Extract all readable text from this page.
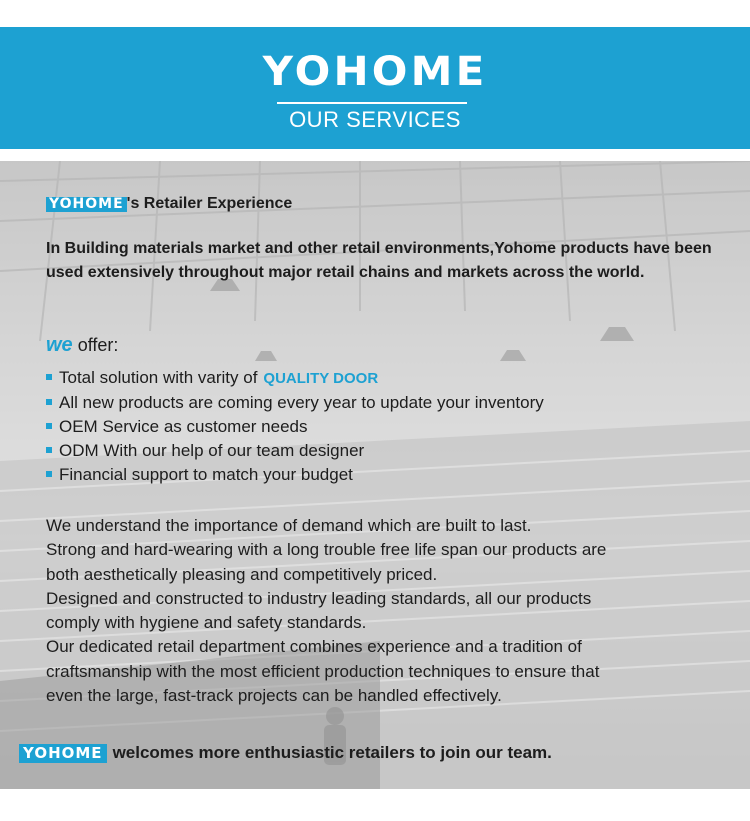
YOHOME
OUR SERVICES
YOHOME 's Retailer Experience
In Building materials market and other retail environments,Yohome products have been used extensively throughout major retail chains and markets across the world.
we offer:
Total solution with varity of QUALITY DOOR
All new products are coming every year to update your inventory
OEM Service as customer needs
ODM With our help of our team designer
Financial support to match your budget

We understand the importance of demand which are built to last.

Strong and hard-wearing with a long trouble free life span our products are

both aesthetically pleasing and competitively priced.

Designed and constructed to industry leading standards, all our products

comply with hygiene and safety standards.

Our dedicated retail department combines experience and a tradition of

craftsmanship with the most efficient production techniques to ensure that

even the large, fast-track projects can be handled effectively.

YOHOME welcomes more enthusiastic retailers to join our team.
